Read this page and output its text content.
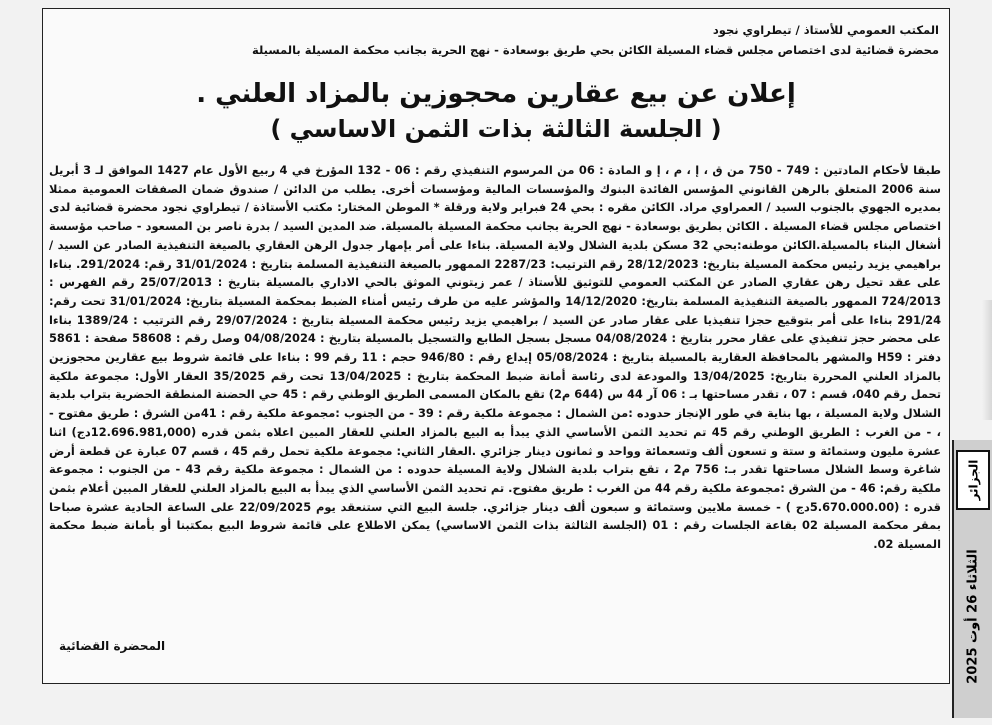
المكتب العمومي للأستاذ / تيطراوي نجود
محضرة قضائية لدى اختصاص مجلس قضاء المسيلة الكائن بحي طريق بوسعادة - نهج الحرية بجانب محكمة المسيلة بالمسيلة
إعلان عن بيع عقارين محجوزين بالمزاد العلني .
( الجلسة الثالثة بذات الثمن الاساسي )

طبقا لأحكام المادتين : 749 - 750 من ق ، إ ، م ، إ و المادة : 06 من المرسوم التنفيذي رقم : 06 - 132 المؤرخ في 4 ربيع الأول عام 1427 الموافق لـ 3 أبريل سنة 2006 المتعلق بالرهن القانوني المؤسس الفائدة البنوك والمؤسسات المالية ومؤسسات أخرى. يطلب من الدائن / صندوق ضمان الصفقات العمومية ممثلا بمديره الجهوي بالجنوب السيد / العمراوي مراد. الكائن مقره : بحي 24 فبراير ولاية ورقلة * الموطن المختار: مكتب الأستاذة / تيطراوي نجود محضرة قضائية لدى اختصاص مجلس قضاء المسيلة . الكائن بطريق بوسعادة - نهج الحرية بجانب محكمة المسيلة بالمسيلة. ضد المدين السيد / بدرة ناصر بن المسعود - صاحب مؤسسة أشغال البناء بالمسيلة.الكائن موطنه:بحي 32 مسكن بلدية الشلال ولاية المسيلة. بناءا على أمر بإمهار جدول الرهن العقاري بالصيغة التنفيذية الصادر عن السيد / براهيمي يزيد رئيس محكمة المسيلة بتاريخ: 28/12/2023 رقم الترتيب: 2287/23 الممهور بالصيغة التنفيذية المسلمة بتاريخ : 31/01/2024 رقم: 291/2024. بناءا على عقد تحيل رهن عقاري الصادر عن المكتب العمومي للتوثيق للأستاذ / عمر زيتوني الموثق بالحي الاداري بالمسيلة بتاريخ : 25/07/2013 رقم الفهرس : 724/2013 الممهور بالصيغة التنفيذية المسلمة بتاريخ: 14/12/2020 والمؤشر عليه من طرف رئيس أمناء الضبط بمحكمة المسيلة بتاريخ: 31/01/2024 تحت رقم: 291/24 بناءا على أمر بتوقيع حجزا تنفيذيا على عقار صادر عن السيد / براهيمي يزيد رئيس محكمة المسيلة بتاريخ : 29/07/2024 رقم الترتيب : 1389/24 بناءا على محضر حجز تنفيذي على عقار محرر بتاريخ : 04/08/2024 مسجل بسجل الطابع والتسجيل بالمسيلة بتاريخ : 04/08/2024 وصل رقم : 58608 صفحة : 5861 دفتر : H59 والمشهر بالمحافظة العقارية بالمسيلة بتاريخ : 05/08/2024 إيداع رقم : 946/80 حجم : 11 رقم 99 : بناءا على قائمة شروط بيع عقارين محجوزين بالمزاد العلني المحررة بتاريخ: 13/04/2025 والمودعة لدى رئاسة أمانة ضبط المحكمة بتاريخ : 13/04/2025 تحت رقم 35/2025 العقار الأول: مجموعة ملكية تحمل رقم 040، قسم : 07 ، تقدر مساحتها بـ : 06 آر 44 س (644 م2) تقع بالمكان المسمى الطريق الوطني رقم : 45 حي الحضنة المنطقة الحضرية بتراب بلدية الشلال ولاية المسيلة ، بها بناية في طور الإنجاز حدوده :من الشمال : مجموعة ملكية رقم : 39 - من الجنوب :مجموعة ملكية رقم : 41من الشرق : طريق مفتوح - ، - من الغرب : الطريق الوطني رقم 45 تم تحديد الثمن الأساسي الذي يبدأ به البيع بالمزاد العلني للعقار المبين اعلاه بثمن قدره (12.696.981,000دج) اثنا عشرة مليون وستمائة و ستة و تسعون ألف وتسعمائة وواحد و ثمانون دينار جزائري .العقار الثاني: مجموعة ملكية تحمل رقم 45 ، قسم 07 عبارة عن قطعة أرض شاغرة وسط الشلال مساحتها تقدر بـ: 756 م2 ، تقع بتراب بلدية الشلال ولاية المسيلة حدوده : من الشمال : مجموعة ملكية رقم 43 - من الجنوب : مجموعة ملكية رقم: 46 - من الشرق :مجموعة ملكية رقم 44 من الغرب : طريق مفتوح. تم تحديد الثمن الأساسي الذي يبدأ به البيع بالمزاد العلني للعقار المبين أعلام بثمن قدره : (5.670.000.00دج ) - خمسة ملايين وستمائة و سبعون ألف دينار جزائري. جلسة البيع التي ستنعقد يوم 22/09/2025 على الساعة الحادية عشرة صباحا بمقر محكمة المسيلة 02 بقاعة الجلسات رقم : 01 (الجلسة الثالثة بذات الثمن الاساسي) يمكن الاطلاع على قائمة شروط البيع بمكتبنا أو بأمانة ضبط محكمة المسيلة 02.

المحضرة القضائية
الجزائر
الثلاثاء 26 أوت 2025
